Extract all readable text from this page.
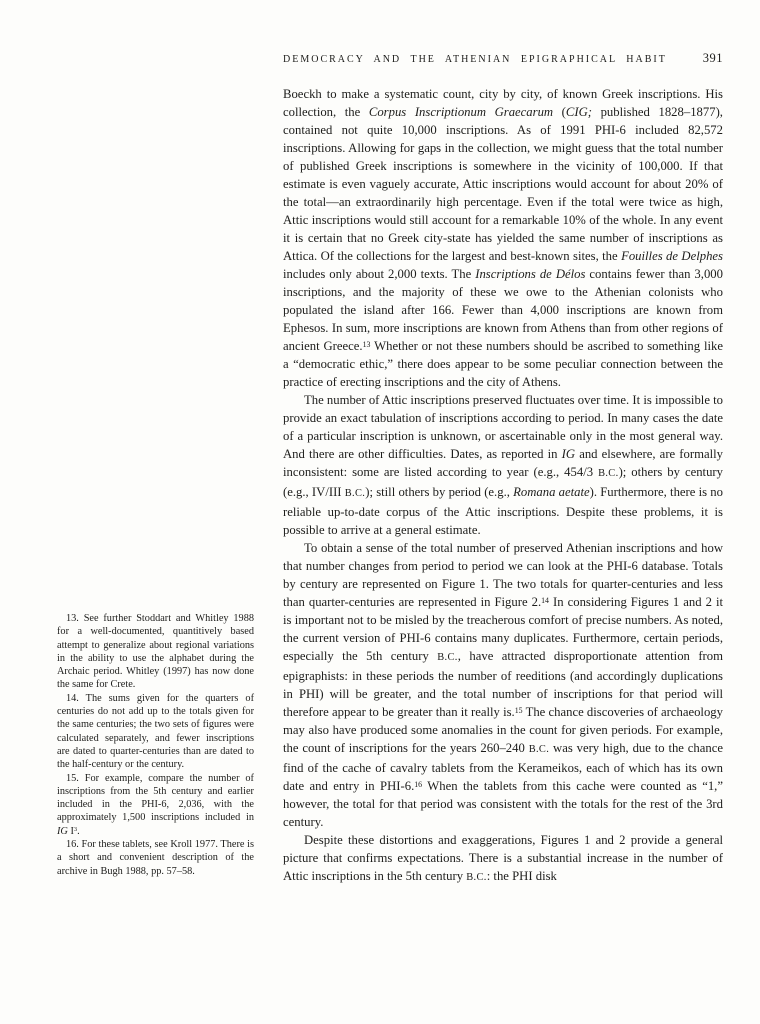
DEMOCRACY AND THE ATHENIAN EPIGRAPHICAL HABIT	391

13. See further Stoddart and Whitley 1988 for a well-documented, quantitively based attempt to generalize about regional variations in the ability to use the alphabet during the Archaic period. Whitley (1997) has now done the same for Crete.

14. The sums given for the quarters of centuries do not add up to the totals given for the same centuries; the two sets of figures were calculated separately, and fewer inscriptions are dated to quarter-centuries than are dated to the half-century or the century.

15. For example, compare the number of inscriptions from the 5th century and earlier included in the PHI-6, 2,036, with the approximately 1,500 inscriptions included in IG $I^3$.

16. For these tablets, see Kroll 1977. There is a short and convenient description of the archive in Bugh 1988, pp. 57–58.

Boeckh to make a systematic count, city by city, of known Greek inscriptions. His collection, the Corpus Inscriptionum Graecarum (CIG; published 1828–1877), contained not quite 10,000 inscriptions. As of 1991 PHI-6 included 82,572 inscriptions. Allowing for gaps in the collection, we might guess that the total number of published Greek inscriptions is somewhere in the vicinity of 100,000. If that estimate is even vaguely accurate, Attic inscriptions would account for about 20% of the total—an extraordinarily high percentage. Even if the total were twice as high, Attic inscriptions would still account for a remarkable 10% of the whole. In any event it is certain that no Greek city-state has yielded the same number of inscriptions as Attica. Of the collections for the largest and best-known sites, the Fouilles de Delphes includes only about 2,000 texts. The Inscriptions de Délos contains fewer than 3,000 inscriptions, and the majority of these we owe to the Athenian colonists who populated the island after 166. Fewer than 4,000 inscriptions are known from Ephesos. In sum, more inscriptions are known from Athens than from other regions of ancient Greece.$^{13}$ Whether or not these numbers should be ascribed to something like a “democratic ethic,” there does appear to be some peculiar connection between the practice of erecting inscriptions and the city of Athens.

The number of Attic inscriptions preserved fluctuates over time. It is impossible to provide an exact tabulation of inscriptions according to period. In many cases the date of a particular inscription is unknown, or ascertainable only in the most general way. And there are other difficulties. Dates, as reported in IG and elsewhere, are formally inconsistent: some are listed according to year (e.g., 454/3 B.C.); others by century (e.g., IV/III B.C.); still others by period (e.g., Romana aetate). Furthermore, there is no reliable up-to-date corpus of the Attic inscriptions. Despite these problems, it is possible to arrive at a general estimate.

To obtain a sense of the total number of preserved Athenian inscriptions and how that number changes from period to period we can look at the PHI-6 database. Totals by century are represented on Figure 1. The two totals for quarter-centuries and less than quarter-centuries are represented in Figure 2.14 In considering Figures 1 and 2 it is important not to be misled by the treacherous comfort of precise numbers. As noted, the current version of PHI-6 contains many duplicates. Furthermore, certain periods, especially the 5th century B.C., have attracted disproportionate attention from epigraphists: in these periods the number of reeditions (and accordingly duplications in PHI) will be greater, and the total number of inscriptions for that period will therefore appear to be greater than it really is.$^{15}$ The chance discoveries of archaeology may also have produced some anomalies in the count for given periods. For example, the count of inscriptions for the years 260–240 B.C. was very high, due to the chance find of the cache of cavalry tablets from the Kerameikos, each of which has its own date and entry in PHI-6.16 When the tablets from this cache were counted as “1,” however, the total for that period was consistent with the totals for the rest of the 3rd century.

Despite these distortions and exaggerations, Figures 1 and 2 provide a general picture that confirms expectations. There is a substantial increase in the number of Attic inscriptions in the 5th century B.C.: the PHI disk
